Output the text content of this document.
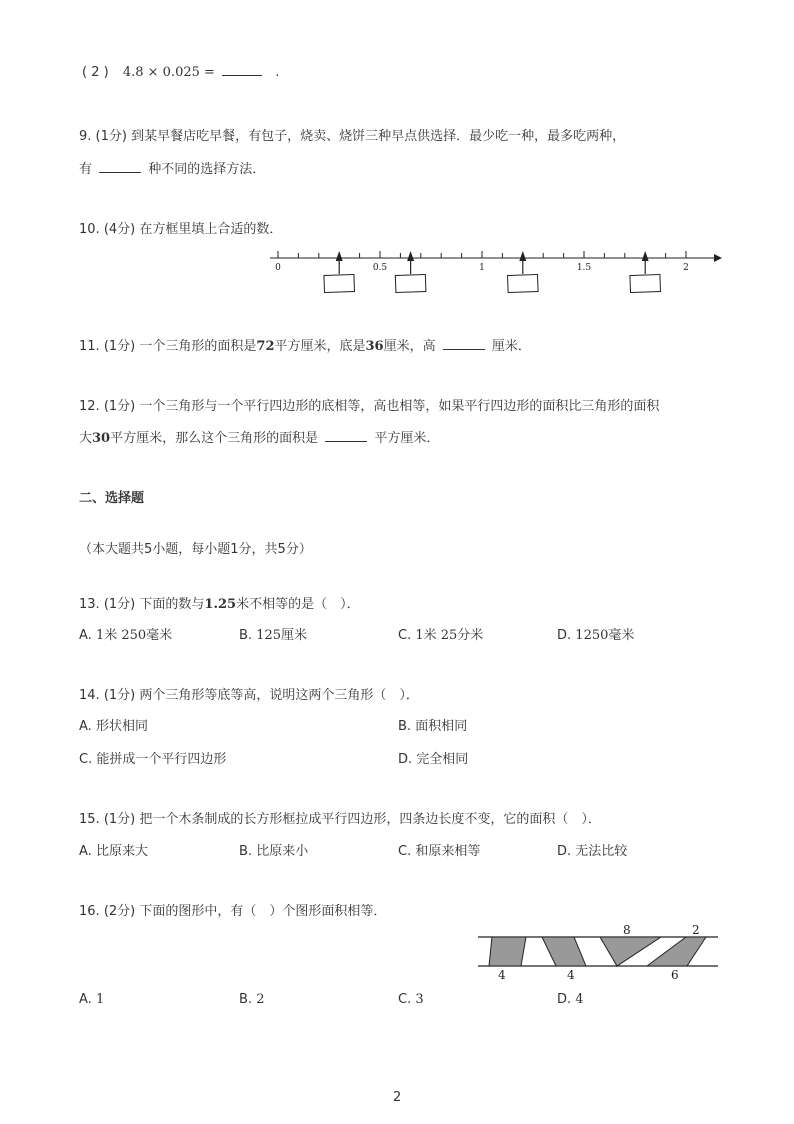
( 2 ) 4.8 × 0.025 =	.
9. (1分) 到某早餐店吃早餐，有包子，烧卖、烧饼三种早点供选择．最少吃一种，最多吃两种，
有	种不同的选择方法．
10. (4分) 在方框里填上合适的数．
0	0.5	1	1.5	2
11. (1分) 一个三角形的面积是72平方厘米，底是36厘米，高	厘米．
12. (1分) 一个三角形与一个平行四边形的底相等，高也相等，如果平行四边形的面积比三角形的面积
大30平方厘米，那么这个三角形的面积是	平方厘米．
二、选择题
（本大题共5小题，每小题1分，共5分）
13. (1分) 下面的数与1.25米不相等的是（　）．
A. 1米 250毫米	B. 125厘米	C. 1米 25分米	D. 1250毫米
14. (1分) 两个三角形等底等高，说明这两个三角形（　）．
A. 形状相同	B. 面积相同
C. 能拼成一个平行四边形	D. 完全相同
15. (1分) 把一个木条制成的长方形框拉成平行四边形，四条边长度不变，它的面积（　）．
A. 比原来大	B. 比原来小	C. 和原来相等	D. 无法比较
16. (2分) 下面的图形中，有（　）个图形面积相等．
4	4
8	2
6
A. 1	B. 2	C. 3	D. 4
2
